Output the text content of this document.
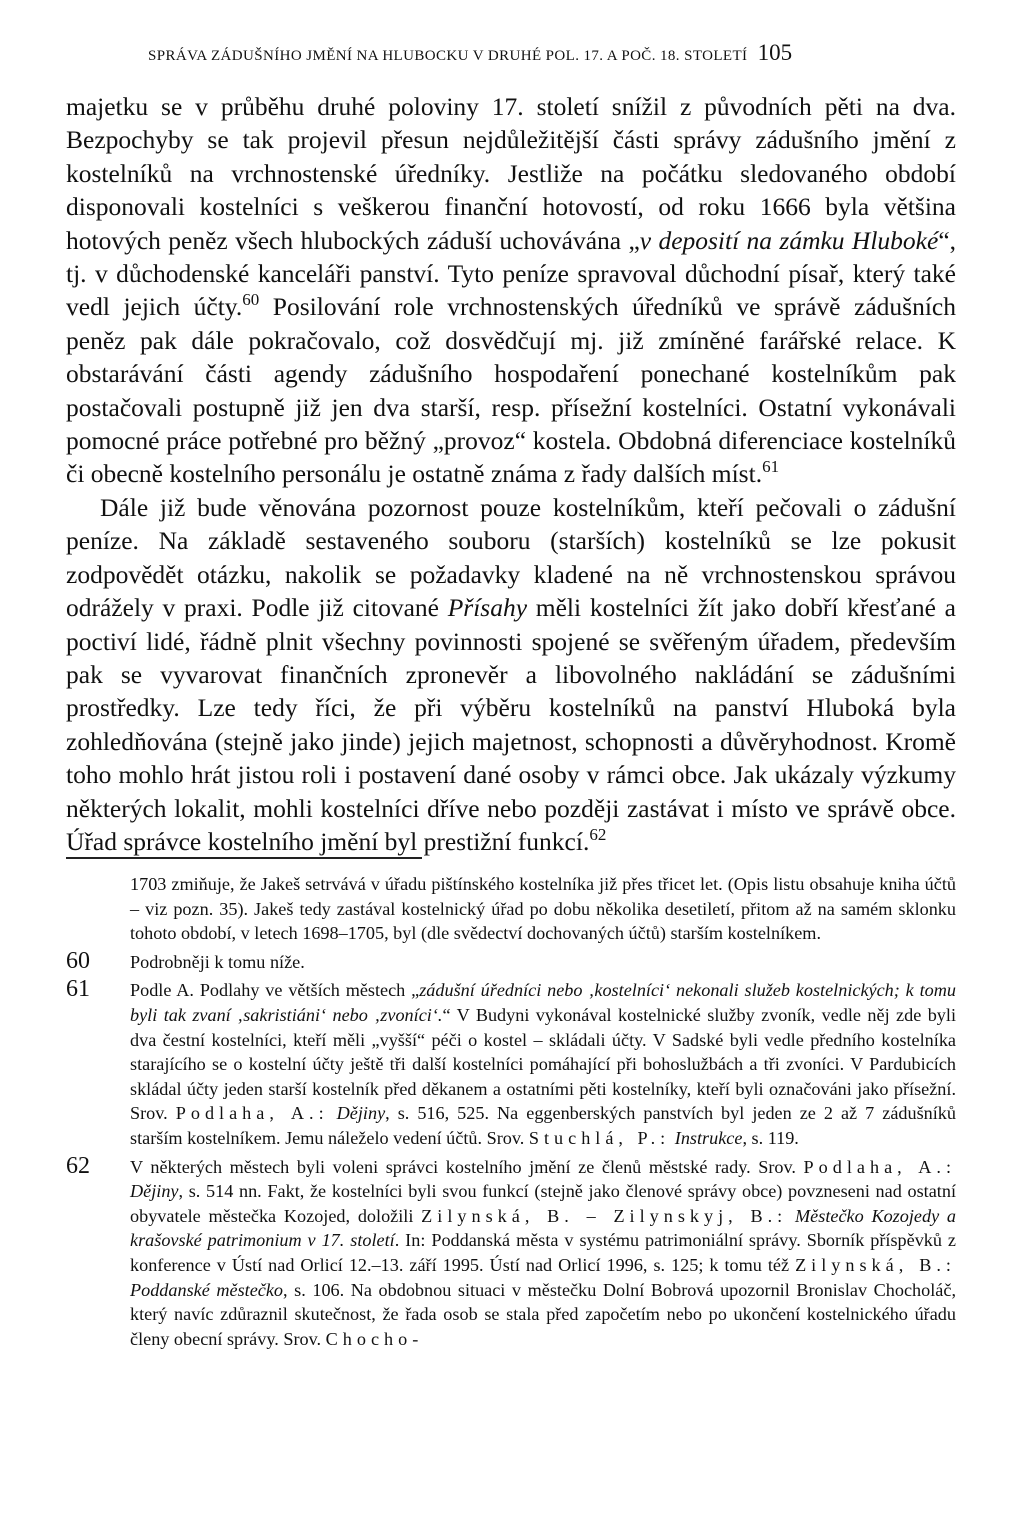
SPRÁVA ZÁDUŠNÍHO JMĚNÍ NA HLUBOCKU V DRUHÉ POL. 17. A POČ. 18. STOLETÍ 105

majetku se v průběhu druhé poloviny 17. století snížil z původních pěti na dva. Bezpochyby se tak projevil přesun nejdůležitější části správy zádušního jmění z kostelníků na vrchnostenské úředníky. Jestliže na počátku sledovaného období disponovali kostelníci s veškerou finanční hotovostí, od roku 1666 byla většina hotových peněz všech hlubockých záduší uchovávána „v deposití na zámku Hluboké“, tj. v důchodenské kanceláři panství. Tyto peníze spravoval důchodní písař, který také vedl jejich účty.$^{60}$ Posilování role vrchnostenských úředníků ve správě zádušních peněz pak dále pokračovalo, což dosvědčují mj. již zmíněné farářské relace. K obstarávání části agendy zádušního hospodaření ponechané kostelníkům pak postačovali postupně již jen dva starší, resp. přísežní kostelníci. Ostatní vykonávali pomocné práce potřebné pro běžný „provoz“ kostela. Obdobná diferenciace kostelníků či obecně kostelního personálu je ostatně známa z řady dalších míst.$^{61}$

Dále již bude věnována pozornost pouze kostelníkům, kteří pečovali o zádušní peníze. Na základě sestaveného souboru (starších) kostelníků se lze pokusit zodpovědět otázku, nakolik se požadavky kladené na ně vrchnostenskou správou odrážely v praxi. Podle již citované Přísahy měli kostelníci žít jako dobří křesťané a poctiví lidé, řádně plnit všechny povinnosti spojené se svěřeným úřadem, především pak se vyvarovat finančních zpronevěr a libovolného nakládání se zádušními prostředky. Lze tedy říci, že při výběru kostelníků na panství Hluboká byla zohledňována (stejně jako jinde) jejich majetnost, schopnosti a důvěryhodnost. Kromě toho mohlo hrát jistou roli i postavení dané osoby v rámci obce. Jak ukázaly výzkumy některých lokalit, mohli kostelníci dříve nebo později zastávat i místo ve správě obce. Úřad správce kostelního jmění byl prestižní funkcí.$^{62}$

1703 zmiňuje, že Jakeš setrvává v úřadu pištínského kostelníka již přes třicet let. (Opis listu obsahuje kniha účtů – viz pozn. 35). Jakeš tedy zastával kostelnický úřad po dobu několika desetiletí, přitom až na samém sklonku tohoto období, v letech 1698–1705, byl (dle svědectví dochovaných účtů) starším kostelníkem.
60 Podrobněji k tomu níže.
61 Podle A. Podlahy ve větších městech „zádušní úředníci nebo ‚kostelníci‘ nekonali služeb kostelnických; k tomu byli tak zvaní ‚sakristiáni‘ nebo ‚zvoníci‘.“ V Budyni vykonával kostelnické služby zvoník, vedle něj zde byli dva čestní kostelníci, kteří měli „vyšší“ péči o kostel – skládali účty. V Sadské byli vedle předního kostelníka starajícího se o kostelní účty ještě tři další kostelníci pomáhající při bohoslužbách a tři zvoníci. V Pardubicích skládal účty jeden starší kostelník před děkanem a ostatními pěti kostelníky, kteří byli označováni jako přísežní. Srov. Podlaha, A.: Dějiny, s. 516, 525. Na eggenberských panstvích byl jeden ze 2 až 7 zádušníků starším kostelníkem. Jemu náleželo vedení účtů. Srov. Stuchlá, P.: Instrukce, s. 119.
62 V některých městech byli voleni správci kostelního jmění ze členů městské rady. Srov. Podlaha, A.: Dějiny, s. 514 nn. Fakt, že kostelníci byli svou funkcí (stejně jako členové správy obce) povzneseni nad ostatní obyvatele městečka Kozojed, doložili Zilynská, B. – Zilynskyj, B.: Městečko Kozojedy a krašovské patrimonium v 17. století. In: Poddanská města v systému patrimoniální správy. Sborník příspěvků z konference v Ústí nad Orlicí 12.–13. září 1995. Ústí nad Orlicí 1996, s. 125; k tomu též Zilynská, B.: Poddanské městečko, s. 106. Na obdobnou situaci v městečku Dolní Bobrová upozornil Bronislav Chocholáč, který navíc zdůraznil skutečnost, že řada osob se stala před započetím nebo po ukončení kostelnického úřadu členy obecní správy. Srov. Chocho-
